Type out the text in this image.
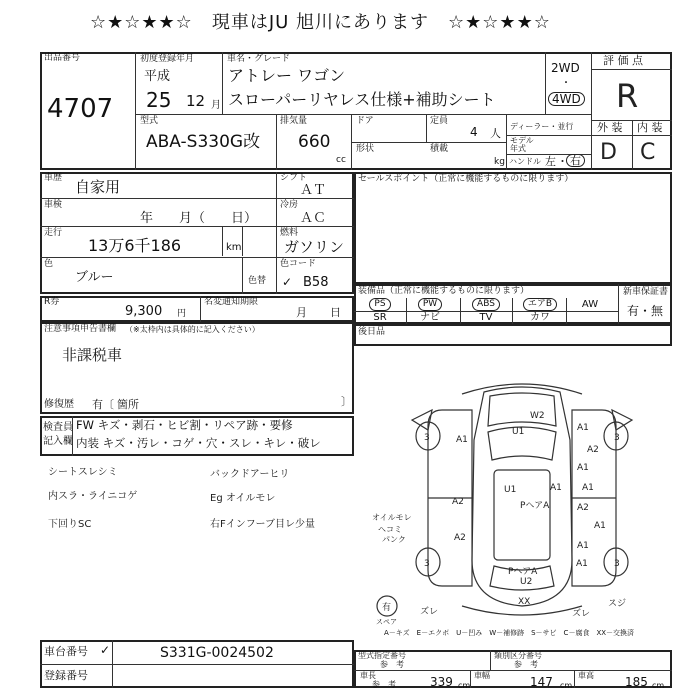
☆★☆★★☆　現車はJU 旭川にあります　☆★☆★★☆
出品番号
4707
初度登録年月
平成
25 12 月
車名・グレード
アトレー ワゴン
スローパーリヤレス仕様+補助シート
2WD
・
4WD
評 価 点
R
外 装 内 装
D C
型式
ABA-S330G改
排気量
660
cc
ドア	定員
4 人
ディーラー・並行
形状	積載
kg
モデル
年式
ハンドル 左 ・ 右
車歴 自家用	シフト
ＡＴ
車検
年　　月（　　日）
冷房
ＡＣ
走行
13万6千186	km
燃料
ガソリン
色
ブルー	色替
色コード
✓ B58
R券
9,300 円
名変通知期限
月 日
注意事項申告書欄 （※太枠内は具体的に記入ください）
非課税車
修復歴 有〔 箇所	〕
検査員
記入欄
FW キズ・剥石・ヒビ割・リペア跡・要修
内装 キズ・汚レ・コゲ・穴・スレ・キレ・破レ
シートスレシミ
内スラ・ライニコゲ
下回りSC
バックドアーヒリ
Eg オイルモレ
右Fインフーブ目レ少量
セールスポイント（正常に機能するものに限ります）
装備品（正常に機能するものに限ります）	新車保証書
有・無
PS	PW	ABS	エアB	AW
SR	ナビ	TV	カワ
後日品
3	3
3	3
A1
A1
A2
A1
W2
U1
U1	A1
PヘアA	A2
A1
A2
A1
PヘアA
U2
XX
ズレ	ズレ
A2
スジ
オイルモレ
ヘコミ
パンク
A1
A1
有
スペア
A－キズ　E－エクボ　U－凹み　W－補修跡　S－サビ　C－腐食　XX－交換済
車台番号 ✓	S331G-0024502
登録番号
型式指定番号
参　考
類別区分番号
参　考
車長
参　考	339 cm
車幅	147 cm
車高	185 cm
